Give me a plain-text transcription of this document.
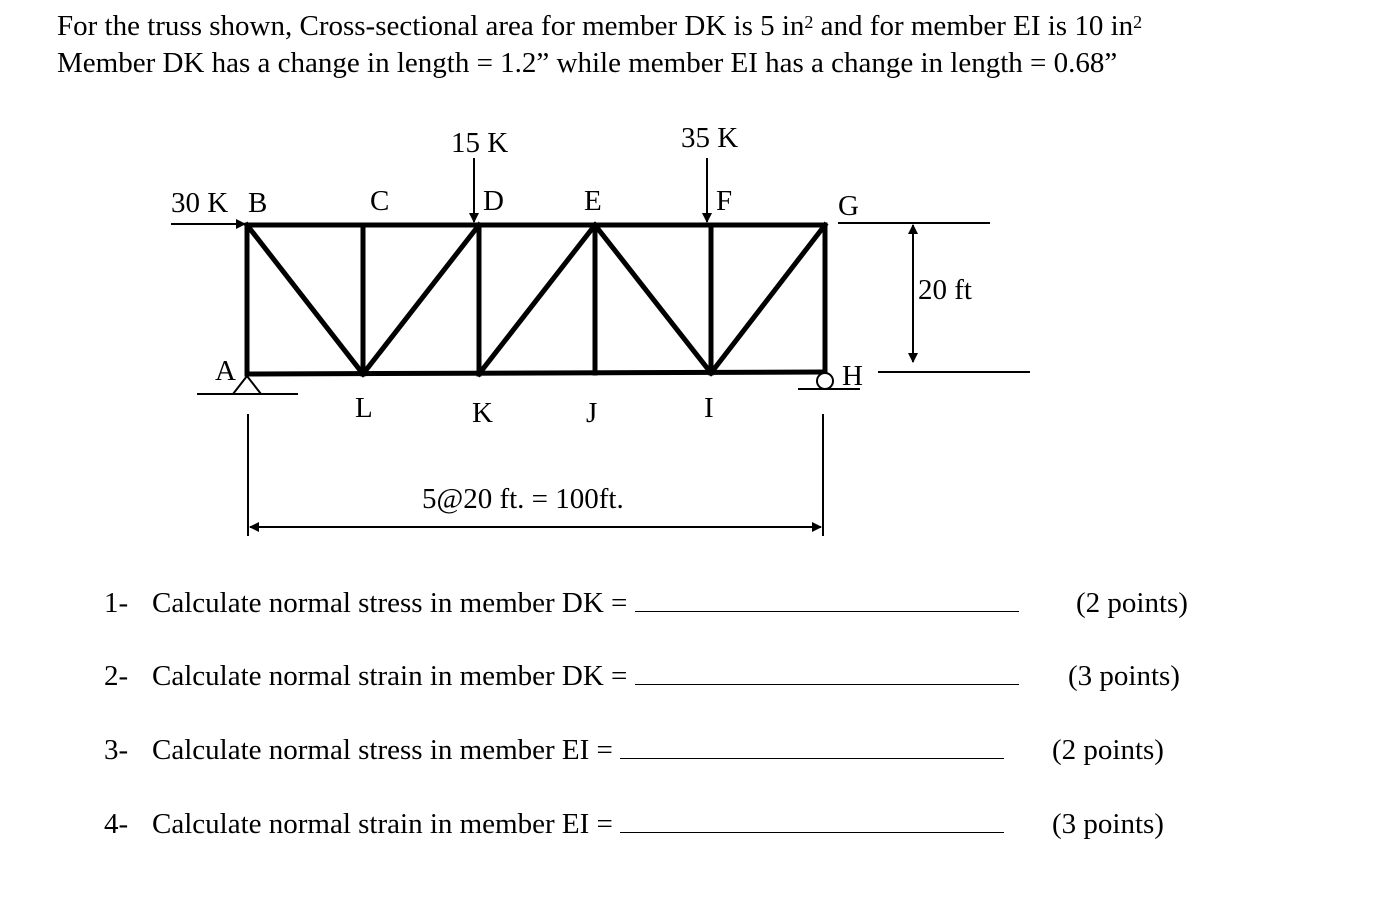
For the truss shown, Cross-sectional area for member DK is 5 $in^2$ and for member EI is 10 $in^2$
Member DK has a change in length = 1.2” while member EI has a change in length = 0.68”
15 K	35 K
30 K B	C	D	E	F	G
A	H
L	K	J	I
20 ft
5@20 ft. = 100ft.
1- Calculate normal stress in member DK =	(2 points)
2- Calculate normal strain in member DK =	(3 points)
3- Calculate normal stress in member EI =	(2 points)
4- Calculate normal strain in member EI =	(3 points)
